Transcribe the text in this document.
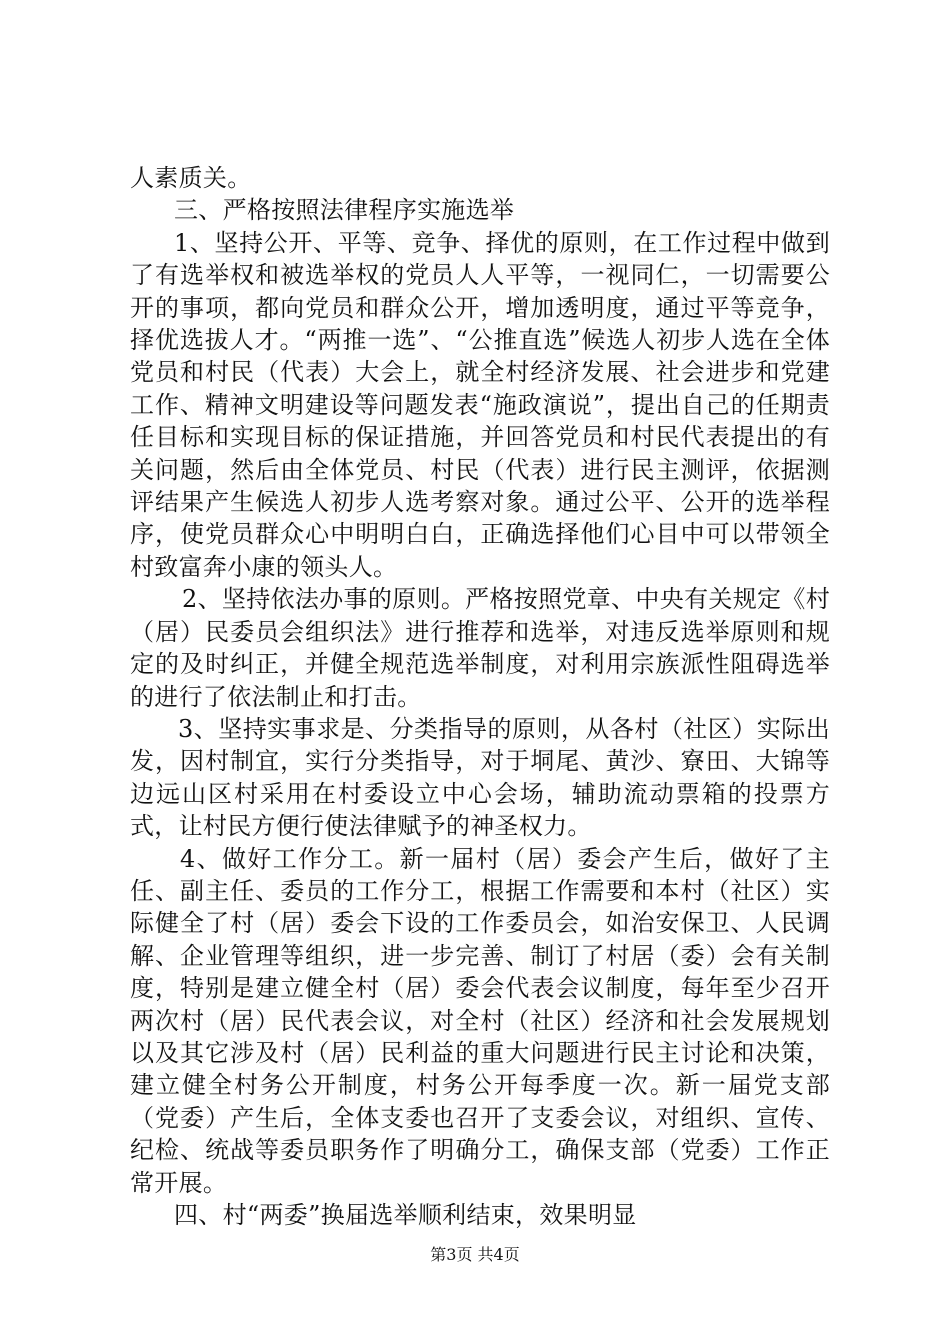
人素质关。

三、严格按照法律程序实施选举

1、坚持公开、平等、竞争、择优的原则，在工作过程中做到了有选举权和被选举权的党员人人平等，一视同仁，一切需要公开的事项，都向党员和群众公开，增加透明度，通过平等竞争，择优选拔人才。“两推一选”、“公推直选”候选人初步人选在全体党员和村民（代表）大会上，就全村经济发展、社会进步和党建工作、精神文明建设等问题发表“施政演说”，提出自己的任期责任目标和实现目标的保证措施，并回答党员和村民代表提出的有关问题，然后由全体党员、村民（代表）进行民主测评，依据测评结果产生候选人初步人选考察对象。通过公平、公开的选举程序，使党员群众心中明明白白，正确选择他们心目中可以带领全村致富奔小康的领头人。

2、坚持依法办事的原则。严格按照党章、中央有关规定《村（居）民委员会组织法》进行推荐和选举，对违反选举原则和规定的及时纠正，并健全规范选举制度，对利用宗族派性阻碍选举的进行了依法制止和打击。

3、坚持实事求是、分类指导的原则，从各村（社区）实际出发，因村制宜，实行分类指导，对于垌尾、黄沙、寮田、大锦等边远山区村采用在村委设立中心会场，辅助流动票箱的投票方式，让村民方便行使法律赋予的神圣权力。

4、做好工作分工。新一届村（居）委会产生后，做好了主任、副主任、委员的工作分工，根据工作需要和本村（社区）实际健全了村（居）委会下设的工作委员会，如治安保卫、人民调解、企业管理等组织，进一步完善、制订了村居（委）会有关制度，特别是建立健全村（居）委会代表会议制度，每年至少召开两次村（居）民代表会议，对全村（社区）经济和社会发展规划以及其它涉及村（居）民利益的重大问题进行民主讨论和决策，建立健全村务公开制度，村务公开每季度一次。新一届党支部（党委）产生后，全体支委也召开了支委会议，对组织、宣传、纪检、统战等委员职务作了明确分工，确保支部（党委）工作正常开展。

四、村“两委”换届选举顺利结束，效果明显

第3页 共4页
